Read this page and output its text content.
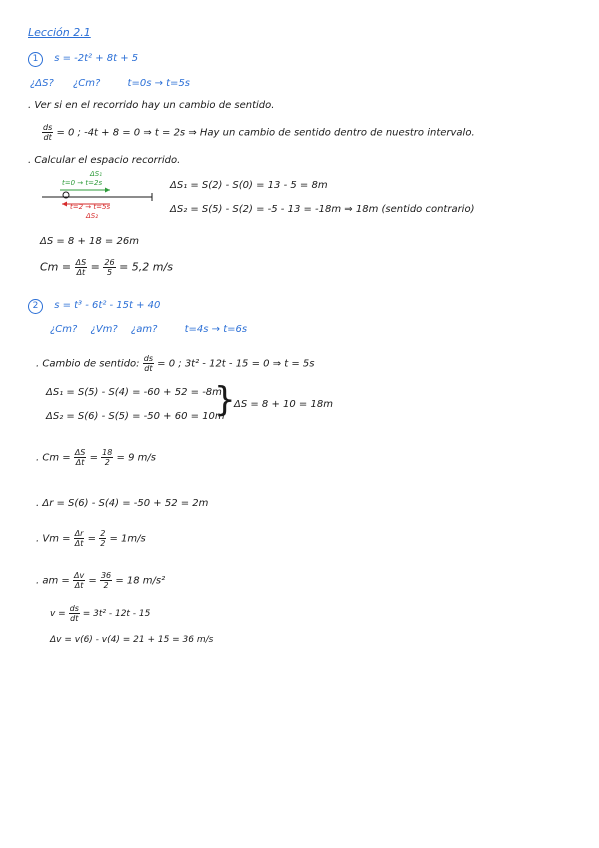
Lección 2.1
1 s = -2t² + 8t + 5
¿ΔS? ¿Cm?	t=0s → t=5s
. Ver si en el recorrido hay un cambio de sentido.
$\frac{ds}{dt} = 0$ ; -4t + 8 = 0 ⇒ t = 2s ⇒ Hay un cambio de sentido dentro de nuestro intervalo.
. Calcular el espacio recorrido.
ΔS₁
t=0 → t=2s
t=2 → t=5s
ΔS₂
ΔS₁ = S(2) - S(0) = 13 - 5 = 8m
ΔS₂ = S(5) - S(2) = -5 - 13 = -18m ⇒ 18m (sentido contrario)
ΔS = 8 + 18 = 26m
$Cm = \frac{\Delta S}{\Delta t} = \frac{26}{5} = 5,2$ m/s
2 s = t³ - 6t² - 15t + 40
¿Cm? ¿Vm? ¿am?	t=4s → t=6s
. Cambio de sentido: $\frac{ds}{dt} = 0$ ; 3t² - 12t - 15 = 0 ⇒ t = 5s
ΔS₁ = S(5) - S(4) = -60 + 52 = -8m
ΔS₂ = S(6) - S(5) = -50 + 60 = 10m
}
ΔS = 8 + 10 = 18m
. $Cm = \frac{\Delta S}{\Delta t} = \frac{18}{2} = 9$ m/s
. Δr = S(6) - S(4) = -50 + 52 = 2m
. $Vm = \frac{\Delta r}{\Delta t} = \frac{2}{2} = 1m/s$
. am = $\frac{\Delta v}{\Delta t} = \frac{36}{2} = 18$ m/s²
$v = \frac{ds}{dt} = 3t^2 - 12t - 15$
Δv = v(6) - v(4) = 21 + 15 = 36 m/s
